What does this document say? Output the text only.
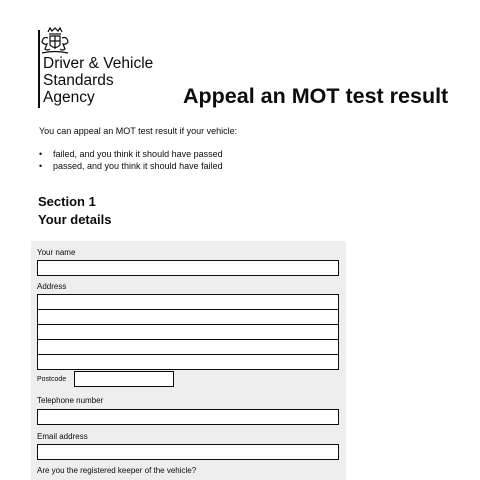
Driver & Vehicle
Standards
Agency	Appeal an MOT test result

You can appeal an MOT test result if your vehicle:

• failed, and you think it should have passed
• passed, and you think it should have failed
Section 1
Your details
Your name
Address
Postcode
Telephone number
Email address
Are you the registered keeper of the vehicle?
